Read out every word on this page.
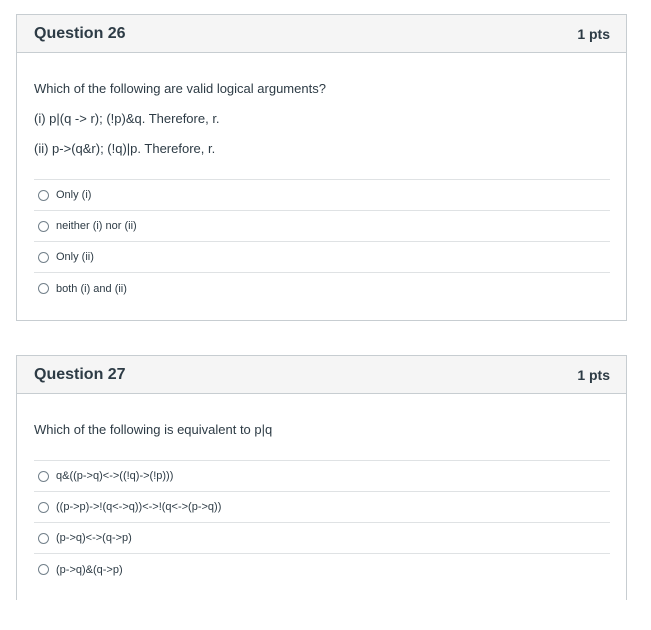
Question 26	1 pts

Which of the following are valid logical arguments?

(i) p|(q -> r); (!p)&q. Therefore, r.

(ii) p->(q&r); (!q)|p. Therefore, r.

Only (i)
neither (i) nor (ii)
Only (ii)
both (i) and (ii)
Question 27	1 pts

Which of the following is equivalent to p|q

q&((p->q)<->((!q)->(!p)))
((p->p)->!(q<->q))<->!(q<->(p->q))
(p->q)<->(q->p)
(p->q)&(q->p)
